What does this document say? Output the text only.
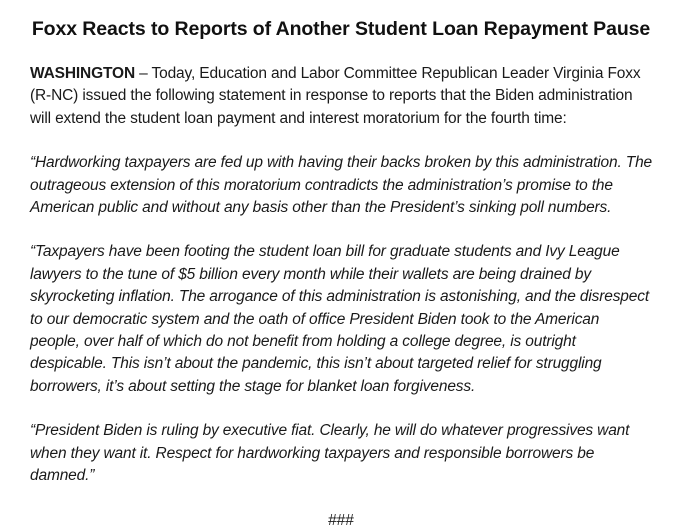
Foxx Reacts to Reports of Another Student Loan Repayment Pause

WASHINGTON – Today, Education and Labor Committee Republican Leader Virginia Foxx (R-NC) issued the following statement in response to reports that the Biden administration will extend the student loan payment and interest moratorium for the fourth time:

“Hardworking taxpayers are fed up with having their backs broken by this administration. The outrageous extension of this moratorium contradicts the administration’s promise to the American public and without any basis other than the President’s sinking poll numbers.

“Taxpayers have been footing the student loan bill for graduate students and Ivy League lawyers to the tune of $5 billion every month while their wallets are being drained by skyrocketing inflation. The arrogance of this administration is astonishing, and the disrespect to our democratic system and the oath of office President Biden took to the American people, over half of which do not benefit from holding a college degree, is outright despicable. This isn’t about the pandemic, this isn’t about targeted relief for struggling borrowers, it’s about setting the stage for blanket loan forgiveness.

“President Biden is ruling by executive fiat. Clearly, he will do whatever progressives want when they want it. Respect for hardworking taxpayers and responsible borrowers be damned.”

###
